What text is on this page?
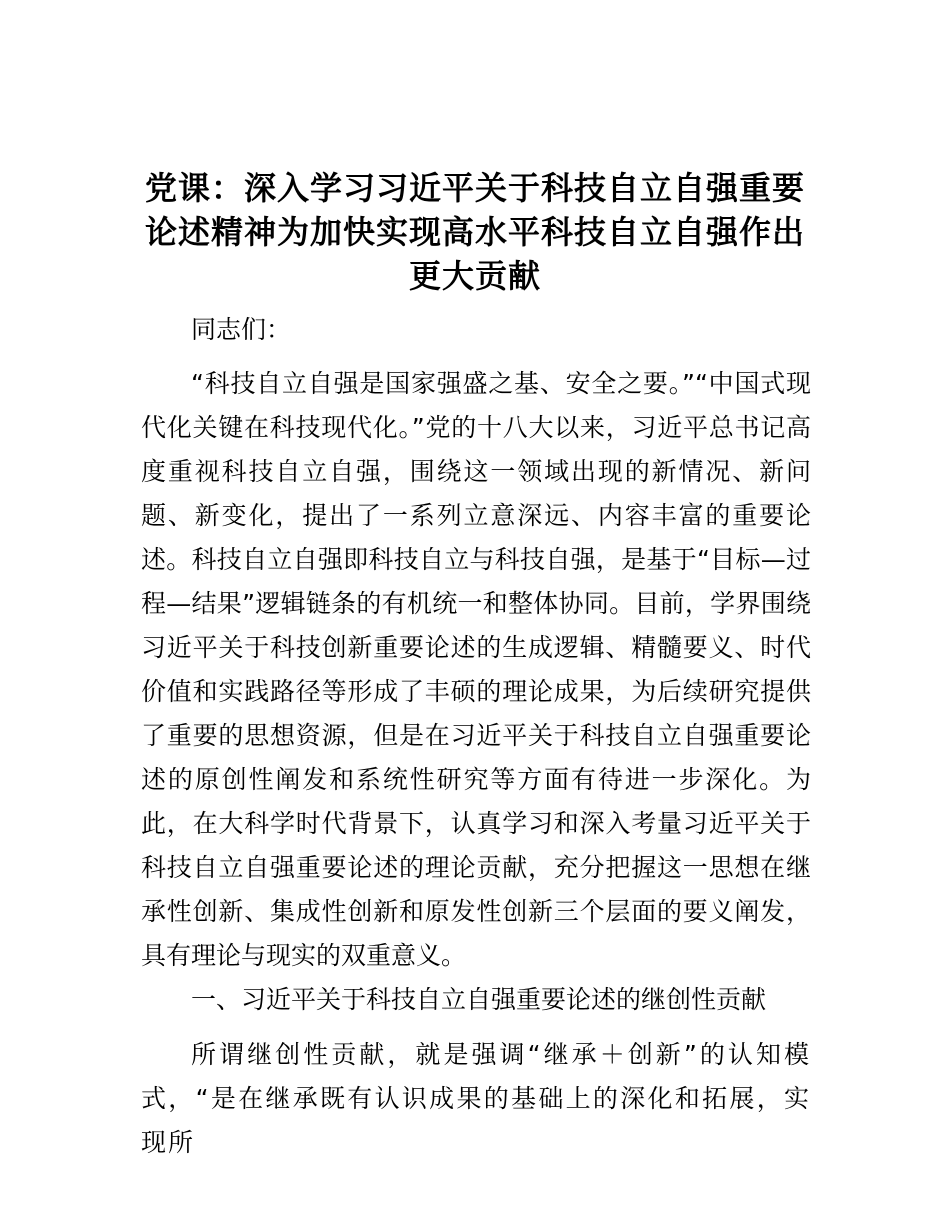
党课：深入学习习近平关于科技自立自强重要论述精神为加快实现高水平科技自立自强作出更大贡献

同志们：

“科技自立自强是国家强盛之基、安全之要。”“中国式现代化关键在科技现代化。”党的十八大以来，习近平总书记高度重视科技自立自强，围绕这一领域出现的新情况、新问题、新变化，提出了一系列立意深远、内容丰富的重要论述。科技自立自强即科技自立与科技自强，是基于“目标—过程—结果”逻辑链条的有机统一和整体协同。目前，学界围绕习近平关于科技创新重要论述的生成逻辑、精髓要义、时代价值和实践路径等形成了丰硕的理论成果，为后续研究提供了重要的思想资源，但是在习近平关于科技自立自强重要论述的原创性阐发和系统性研究等方面有待进一步深化。为此，在大科学时代背景下，认真学习和深入考量习近平关于科技自立自强重要论述的理论贡献，充分把握这一思想在继承性创新、集成性创新和原发性创新三个层面的要义阐发，具有理论与现实的双重意义。

一、习近平关于科技自立自强重要论述的继创性贡献

所谓继创性贡献，就是强调“继承＋创新”的认知模式，“是在继承既有认识成果的基础上的深化和拓展，实现所
